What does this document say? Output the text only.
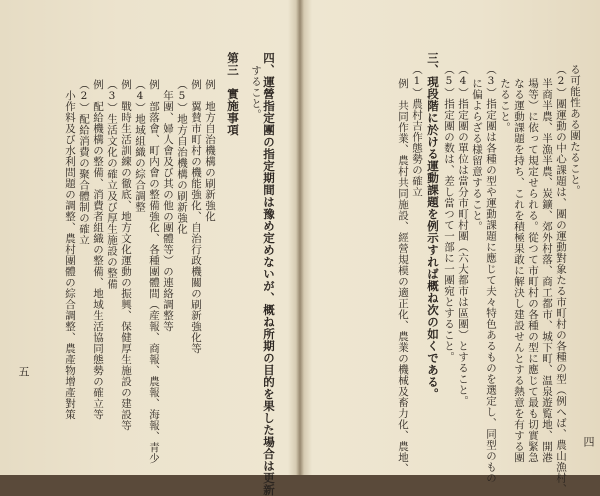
四、運營指定團の指定期間は豫め定めないが、概ね所期の目的を果した場合は更新
すること。
第三　實施事項
例　地方自治機構の刷新強化
例　翼賛市町村の機能強化、自治行政機關の刷新強化等
（5）地方自治機構の刷新強化
年團、婦人會及び其の他の團體等）の連絡調整等
例　部落會、町内會の整備強化、各種團體間（産報、商報、農報、海報、青少
（4）地域組織の綜合調整
例　戰時生活訓練の徹底、地方文化運動の振興、保健厚生施設の建設等
（3）生活文化の確立及び厚生施設の整備
例　配給機構の整備、消費者組織の整備、地域生活協同態勢の確立等
（2）配給消費の聚合體制の確立
小作料及び水利問題の調整、農村團體の綜合調整、農產物增產對策
五
る可能性ある團たること。
（2）團運動の中心課題は、團の運動對象たる市町村の各種の型（例へば、農山漁村、
半商半農、半漁半農、炭鑛、郊外村落、商工都市、城下町、温泉遊覧地、開港
場等）に依って規定せられる。從つて市町村の各種の型に應じて最も切實緊急
なる運動課題を持ち、これを積極果敢に解決し建設せんとする熱意を有する團
たること。
（3）指定團は各種の型や運動課題に應じて夫々特色あるものを選定し、同型のもの
に偏よらざる様留意すること。
（4）指定團の單位は當分市町村團（六大都市は區團）とすること。
（5）指定團の数は、差し當つて一部に一團宛とすること。
三、現段階に於ける運動課題を例示すれば概ね次の如くである。
（1）農村吉作態勢の確立
例　共同作業、農村共同施設、經營規模の適正化、農業の機械及畜力化、農地、	四
